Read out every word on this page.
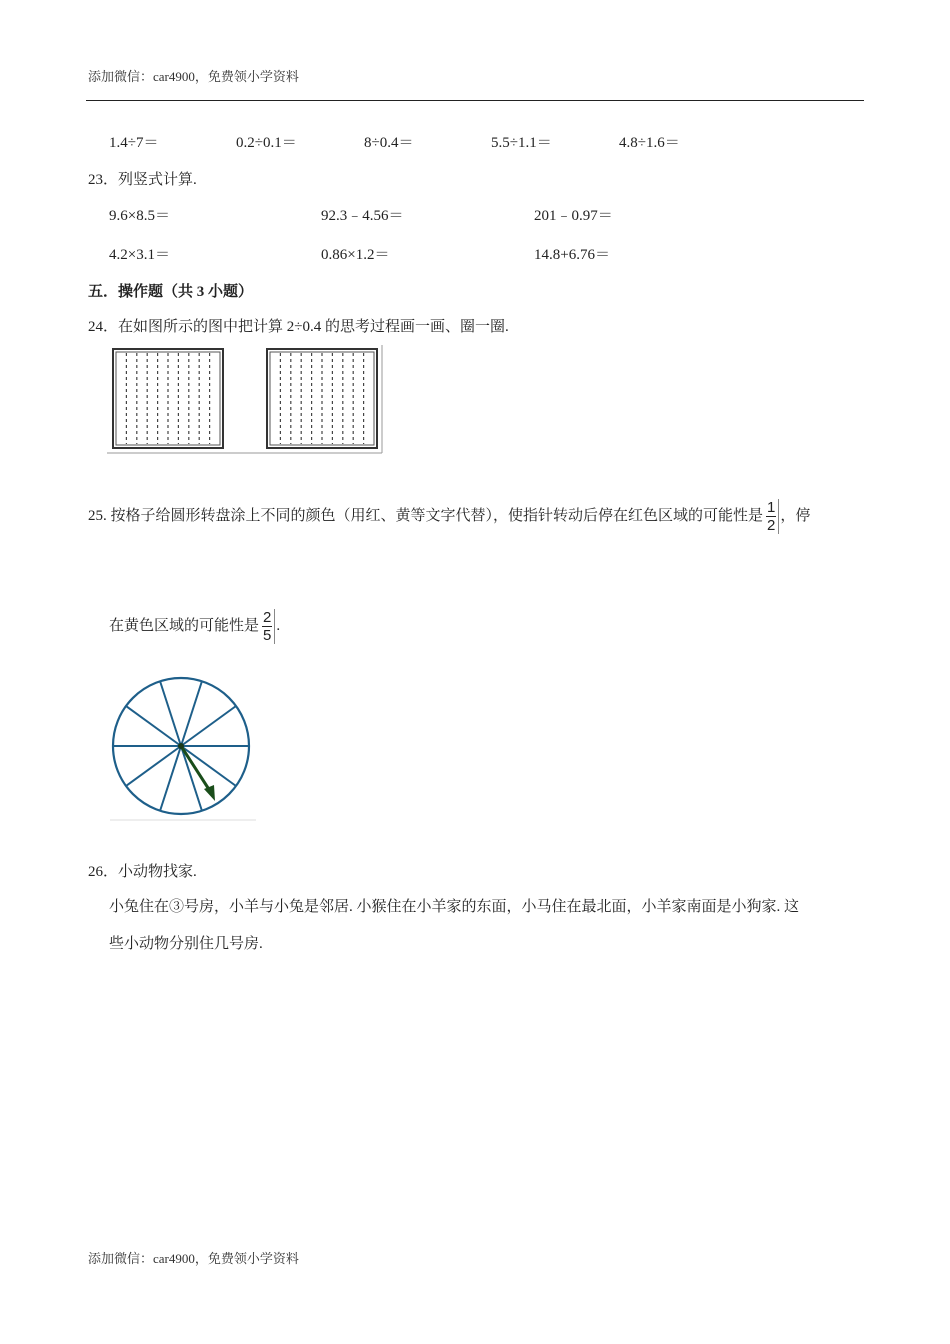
添加微信：car4900，免费领小学资料
1.4÷7＝	0.2÷0.1＝	8÷0.4＝	5.5÷1.1＝	4.8÷1.6＝
23．列竖式计算.
9.6×8.5＝	92.3﹣4.56＝	201﹣0.97＝
4.2×3.1＝	0.86×1.2＝	14.8+6.76＝
五．操作题（共 3 小题）
24．在如图所示的图中把计算 2÷0.4 的思考过程画一画、圈一圈.
25. 按格子给圆形转盘涂上不同的颜色（用红、黄等文字代替），使指针转动后停在红色区域的可能性是 $\frac{1}{2}$ ，停
在黄色区域的可能性是 $\frac{2}{5}$ .
26．小动物找家.
小兔住在③号房，小羊与小兔是邻居. 小猴住在小羊家的东面，小马住在最北面，小羊家南面是小狗家. 这
些小动物分别住几号房.
添加微信：car4900，免费领小学资料
